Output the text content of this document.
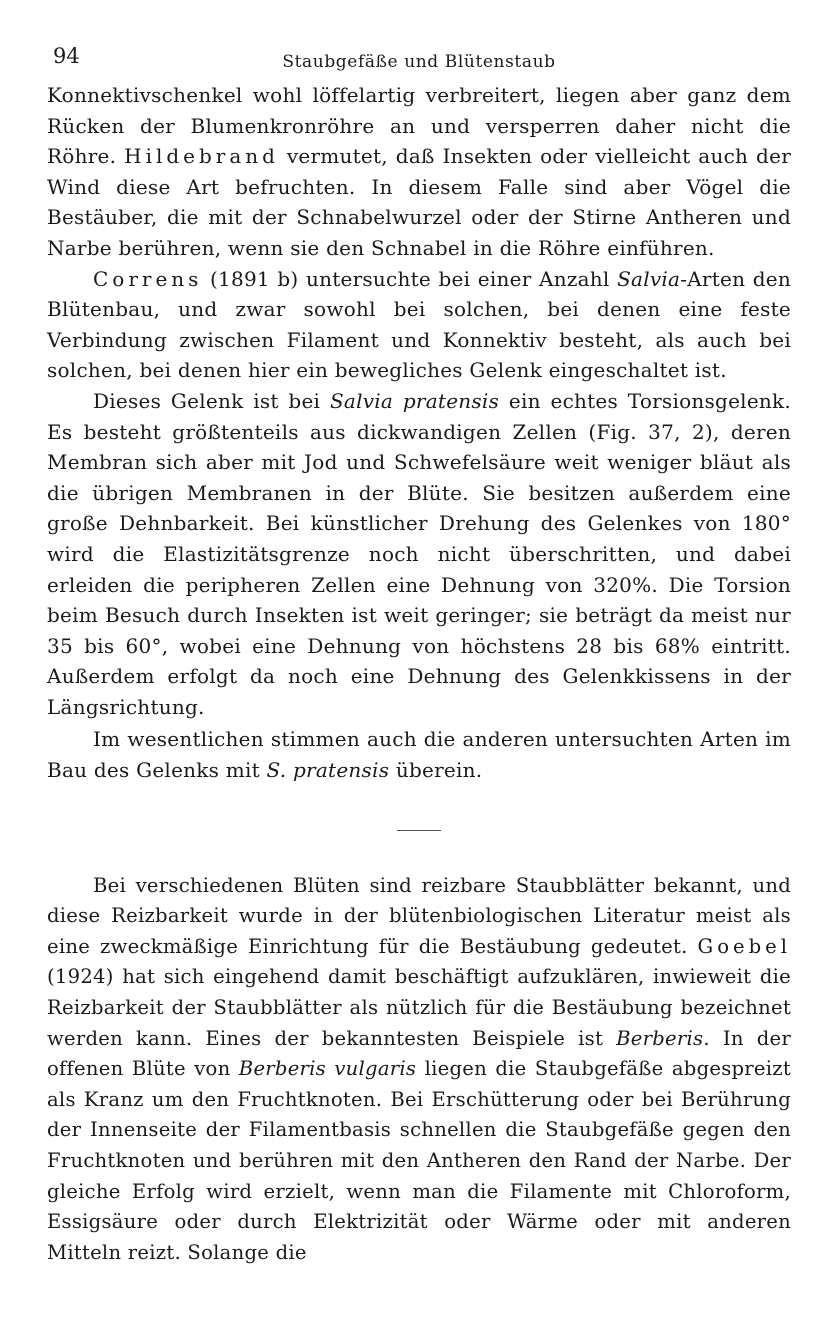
94	Staubgefäße und Blütenstaub

Konnektivschenkel wohl löffelartig verbreitert, liegen aber ganz dem Rücken der Blumenkronröhre an und versperren daher nicht die Röhre. Hildebrand vermutet, daß Insekten oder vielleicht auch der Wind diese Art befruchten. In diesem Falle sind aber Vögel die Bestäuber, die mit der Schnabelwurzel oder der Stirne Antheren und Narbe berühren, wenn sie den Schnabel in die Röhre einführen.

Correns (1891 b) untersuchte bei einer Anzahl Salvia-Arten den Blütenbau, und zwar sowohl bei solchen, bei denen eine feste Verbindung zwischen Filament und Konnektiv besteht, als auch bei solchen, bei denen hier ein bewegliches Gelenk eingeschaltet ist.

Dieses Gelenk ist bei Salvia pratensis ein echtes Torsionsgelenk. Es besteht größtenteils aus dickwandigen Zellen (Fig. 37, 2), deren Membran sich aber mit Jod und Schwefelsäure weit weniger bläut als die übrigen Membranen in der Blüte. Sie besitzen außerdem eine große Dehnbarkeit. Bei künstlicher Drehung des Gelenkes von 180° wird die Elastizitätsgrenze noch nicht überschritten, und dabei erleiden die peripheren Zellen eine Dehnung von 320%. Die Torsion beim Besuch durch Insekten ist weit geringer; sie beträgt da meist nur 35 bis 60°, wobei eine Dehnung von höchstens 28 bis 68% eintritt. Außerdem erfolgt da noch eine Dehnung des Gelenkkissens in der Längsrichtung.

Im wesentlichen stimmen auch die anderen untersuchten Arten im Bau des Gelenks mit S. pratensis überein.

Bei verschiedenen Blüten sind reizbare Staubblätter bekannt, und diese Reizbarkeit wurde in der blütenbiologischen Literatur meist als eine zweckmäßige Einrichtung für die Bestäubung gedeutet. Goebel (1924) hat sich eingehend damit beschäftigt aufzuklären, inwieweit die Reizbarkeit der Staubblätter als nützlich für die Bestäubung bezeichnet werden kann. Eines der bekanntesten Beispiele ist Berberis. In der offenen Blüte von Berberis vulgaris liegen die Staubgefäße abgespreizt als Kranz um den Fruchtknoten. Bei Erschütterung oder bei Berührung der Innenseite der Filamentbasis schnellen die Staubgefäße gegen den Fruchtknoten und berühren mit den Antheren den Rand der Narbe. Der gleiche Erfolg wird erzielt, wenn man die Filamente mit Chloroform, Essigsäure oder durch Elektrizität oder Wärme oder mit anderen Mitteln reizt. Solange die
